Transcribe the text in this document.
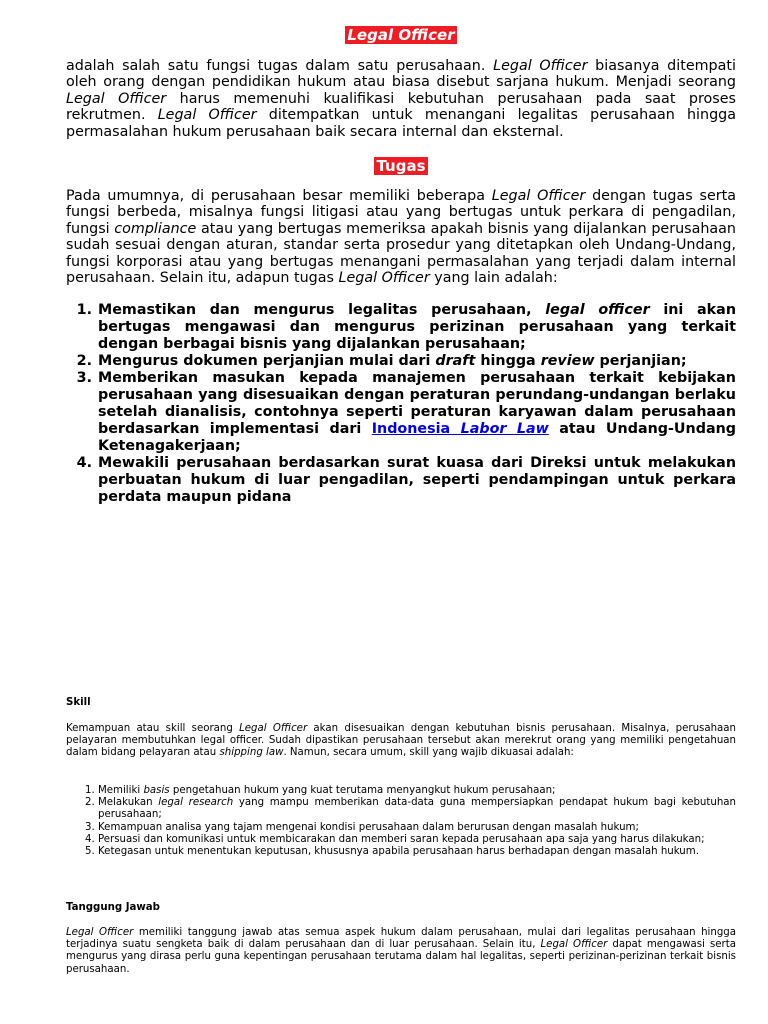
Legal Officer

adalah salah satu fungsi tugas dalam satu perusahaan. Legal Officer biasanya ditempati oleh orang dengan pendidikan hukum atau biasa disebut sarjana hukum. Menjadi seorang Legal Officer harus memenuhi kualifikasi kebutuhan perusahaan pada saat proses rekrutmen. Legal Officer ditempatkan untuk menangani legalitas perusahaan hingga permasalahan hukum perusahaan baik secara internal dan eksternal.

Tugas

Pada umumnya, di perusahaan besar memiliki beberapa Legal Officer dengan tugas serta fungsi berbeda, misalnya fungsi litigasi atau yang bertugas untuk perkara di pengadilan, fungsi compliance atau yang bertugas memeriksa apakah bisnis yang dijalankan perusahaan sudah sesuai dengan aturan, standar serta prosedur yang ditetapkan oleh Undang-Undang, fungsi korporasi atau yang bertugas menangani permasalahan yang terjadi dalam internal perusahaan. Selain itu, adapun tugas Legal Officer yang lain adalah:

1. Memastikan dan mengurus legalitas perusahaan, legal officer ini akan bertugas mengawasi dan mengurus perizinan perusahaan yang terkait dengan berbagai bisnis yang dijalankan perusahaan;
2. Mengurus dokumen perjanjian mulai dari draft hingga review perjanjian;
3. Memberikan masukan kepada manajemen perusahaan terkait kebijakan perusahaan yang disesuaikan dengan peraturan perundang-undangan berlaku setelah dianalisis, contohnya seperti peraturan karyawan dalam perusahaan berdasarkan implementasi dari Indonesia Labor Law atau Undang-Undang Ketenagakerjaan;
4. Mewakili perusahaan berdasarkan surat kuasa dari Direksi untuk melakukan perbuatan hukum di luar pengadilan, seperti pendampingan untuk perkara perdata maupun pidana

Skill

Kemampuan atau skill seorang Legal Officer akan disesuaikan dengan kebutuhan bisnis perusahaan. Misalnya, perusahaan pelayaran membutuhkan legal officer. Sudah dipastikan perusahaan tersebut akan merekrut orang yang memiliki pengetahuan dalam bidang pelayaran atau shipping law. Namun, secara umum, skill yang wajib dikuasai adalah:

1. Memiliki basis pengetahuan hukum yang kuat terutama menyangkut hukum perusahaan;
2. Melakukan legal research yang mampu memberikan data-data guna mempersiapkan pendapat hukum bagi kebutuhan perusahaan;
3. Kemampuan analisa yang tajam mengenai kondisi perusahaan dalam berurusan dengan masalah hukum;
4. Persuasi dan komunikasi untuk membicarakan dan memberi saran kepada perusahaan apa saja yang harus dilakukan;
5. Ketegasan untuk menentukan keputusan, khususnya apabila perusahaan harus berhadapan dengan masalah hukum.

Tanggung Jawab

Legal Officer memiliki tanggung jawab atas semua aspek hukum dalam perusahaan, mulai dari legalitas perusahaan hingga terjadinya suatu sengketa baik di dalam perusahaan dan di luar perusahaan. Selain itu, Legal Officer dapat mengawasi serta mengurus yang dirasa perlu guna kepentingan perusahaan terutama dalam hal legalitas, seperti perizinan-perizinan terkait bisnis perusahaan.
